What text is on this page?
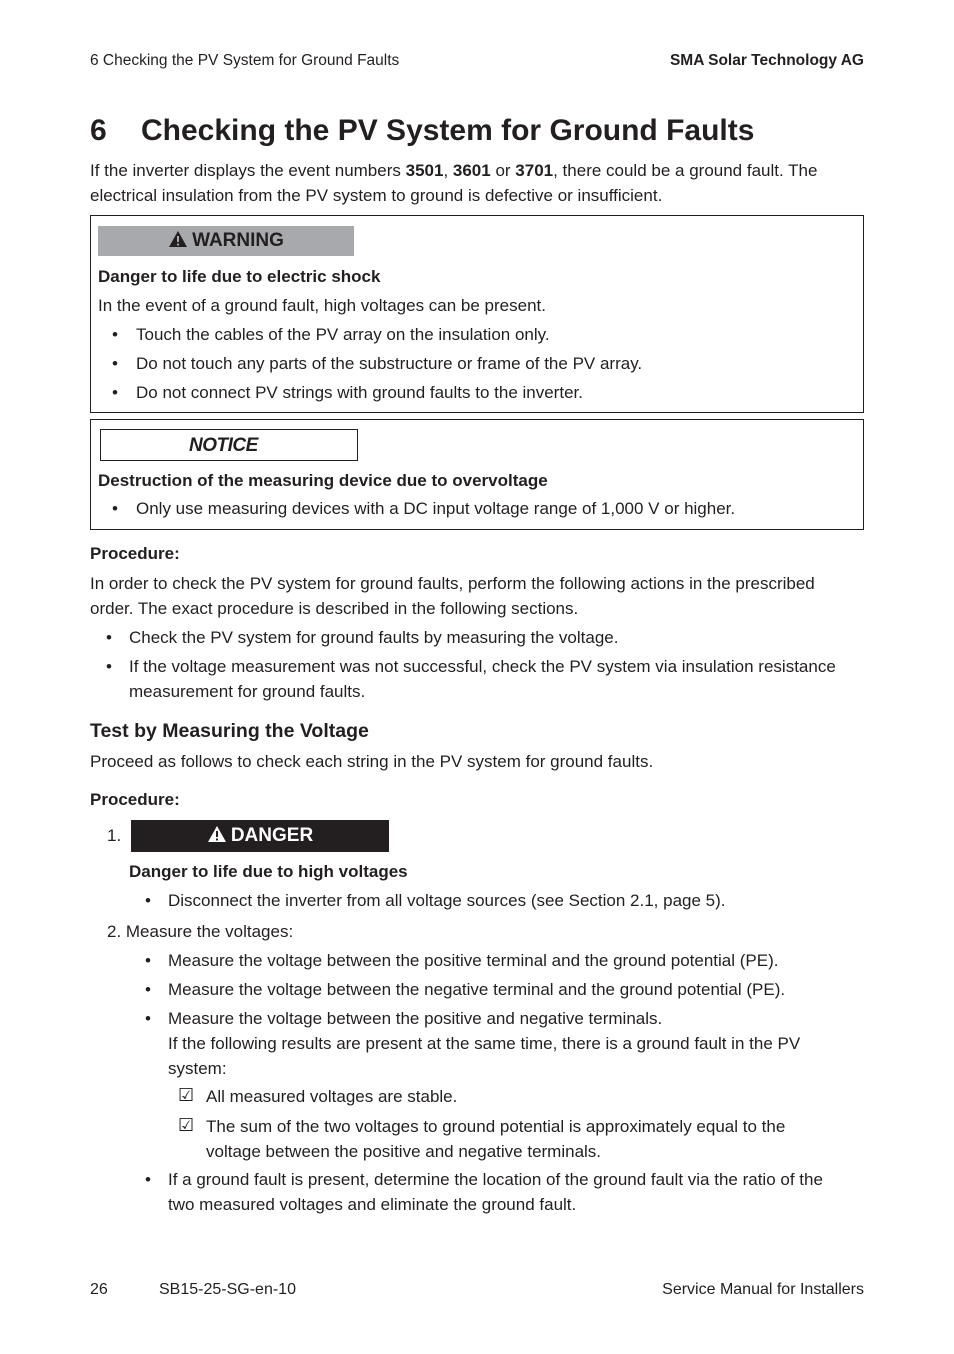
6 Checking the PV System for Ground Faults	SMA Solar Technology AG
6 Checking the PV System for Ground Faults
If the inverter displays the event numbers 3501, 3601 or 3701, there could be a ground fault. The
electrical insulation from the PV system to ground is defective or insufficient.
WARNING
Danger to life due to electric shock
In the event of a ground fault, high voltages can be present.
• Touch the cables of the PV array on the insulation only.
• Do not touch any parts of the substructure or frame of the PV array.
• Do not connect PV strings with ground faults to the inverter.
NOTICE
Destruction of the measuring device due to overvoltage
• Only use measuring devices with a DC input voltage range of 1,000 V or higher.
Procedure:
In order to check the PV system for ground faults, perform the following actions in the prescribed
order. The exact procedure is described in the following sections.
• Check the PV system for ground faults by measuring the voltage.
• If the voltage measurement was not successful, check the PV system via insulation resistance
measurement for ground faults.
Test by Measuring the Voltage
Proceed as follows to check each string in the PV system for ground faults.
Procedure:
1.	DANGER
Danger to life due to high voltages
• Disconnect the inverter from all voltage sources (see Section 2.1, page 5).
2. Measure the voltages:
• Measure the voltage between the positive terminal and the ground potential (PE).
• Measure the voltage between the negative terminal and the ground potential (PE).
• Measure the voltage between the positive and negative terminals.
If the following results are present at the same time, there is a ground fault in the PV
system:
☑ All measured voltages are stable.
☑ The sum of the two voltages to ground potential is approximately equal to the
voltage between the positive and negative terminals.
• If a ground fault is present, determine the location of the ground fault via the ratio of the
two measured voltages and eliminate the ground fault.
26	SB15-25-SG-en-10	Service Manual for Installers
